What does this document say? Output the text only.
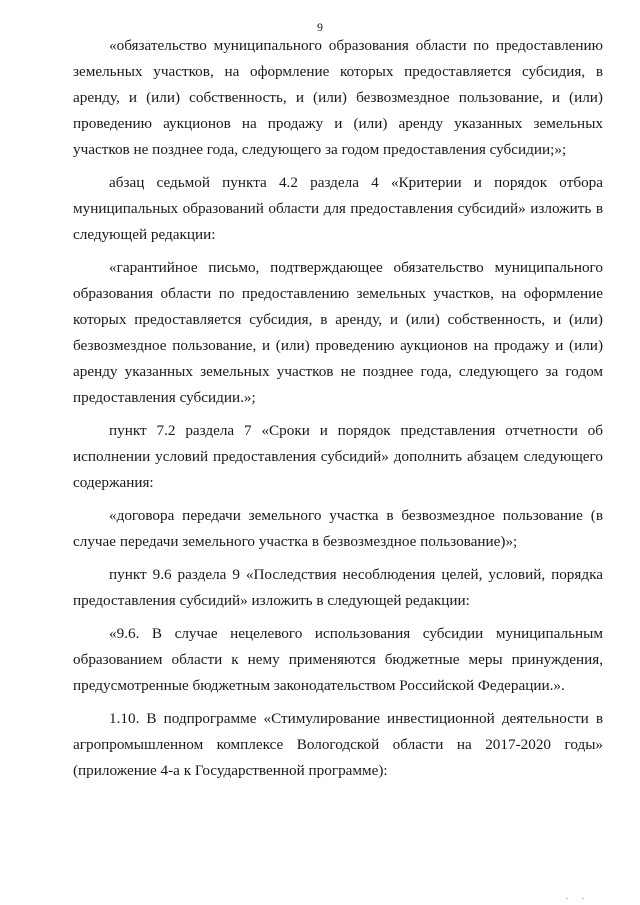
9

«обязательство муниципального образования области по предоставлению земельных участков, на оформление которых предоставляется субсидия, в аренду, и (или) собственность, и (или) безвозмездное пользование, и (или) проведению аукционов на продажу и (или) аренду указанных земельных участков не позднее года, следующего за годом предоставления субсидии;»;

абзац седьмой пункта 4.2 раздела 4 «Критерии и порядок отбора муниципальных образований области для предоставления субсидий» изложить в следующей редакции:

«гарантийное письмо, подтверждающее обязательство муниципального образования области по предоставлению земельных участков, на оформление которых предоставляется субсидия, в аренду, и (или) собственность, и (или) безвозмездное пользование, и (или) проведению аукционов на продажу и (или) аренду указанных земельных участков не позднее года, следующего за годом предоставления субсидии.»;

пункт 7.2 раздела 7 «Сроки и порядок представления отчетности об исполнении условий предоставления субсидий» дополнить абзацем следующего содержания:

«договора передачи земельного участка в безвозмездное пользование (в случае передачи земельного участка в безвозмездное пользование)»;

пункт 9.6 раздела 9 «Последствия несоблюдения целей, условий, порядка предоставления субсидий» изложить в следующей редакции:

«9.6. В случае нецелевого использования субсидии муниципальным образованием области к нему применяются бюджетные меры принуждения, предусмотренные бюджетным законодательством Российской Федерации.».

1.10. В подпрограмме «Стимулирование инвестиционной деятельности в агропромышленном комплексе Вологодской области на 2017-2020 годы» (приложение 4-а к Государственной программе):

. .
